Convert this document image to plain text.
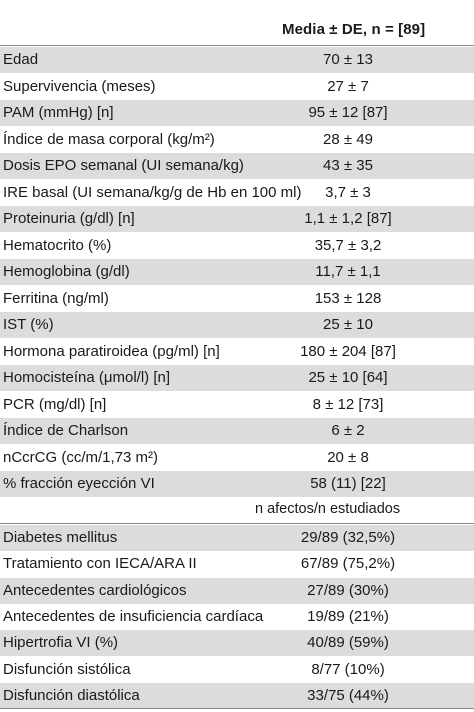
Media ± DE, n = [89]
Edad	70 ± 13
Supervivencia (meses)	27 ± 7
PAM (mmHg) [n]	95 ± 12 [87]
Índice de masa corporal (kg/m²)	28 ± 49
Dosis EPO semanal (UI semana/kg)	43 ± 35
IRE basal (UI semana/kg/g de Hb en 100 ml)	3,7 ± 3
Proteinuria (g/dl) [n]	1,1 ± 1,2 [87]
Hematocrito (%)	35,7 ± 3,2
Hemoglobina (g/dl)	11,7 ± 1,1
Ferritina (ng/ml)	153 ± 128
IST (%)	25 ± 10
Hormona paratiroidea (pg/ml) [n]	180 ± 204 [87]
Homocisteína (μmol/l) [n]	25 ± 10 [64]
PCR (mg/dl) [n]	8 ± 12 [73]
Índice de Charlson	6 ± 2
nCcrCG (cc/m/1,73 m²)	20 ± 8
% fracción eyección VI	58 (11) [22]
n afectos/n estudiados
Diabetes mellitus	29/89 (32,5%)
Tratamiento con IECA/ARA II	67/89 (75,2%)
Antecedentes cardiológicos	27/89 (30%)
Antecedentes de insuficiencia cardíaca	19/89 (21%)
Hipertrofia VI (%)	40/89 (59%)
Disfunción sistólica	8/77 (10%)
Disfunción diastólica	33/75 (44%)
